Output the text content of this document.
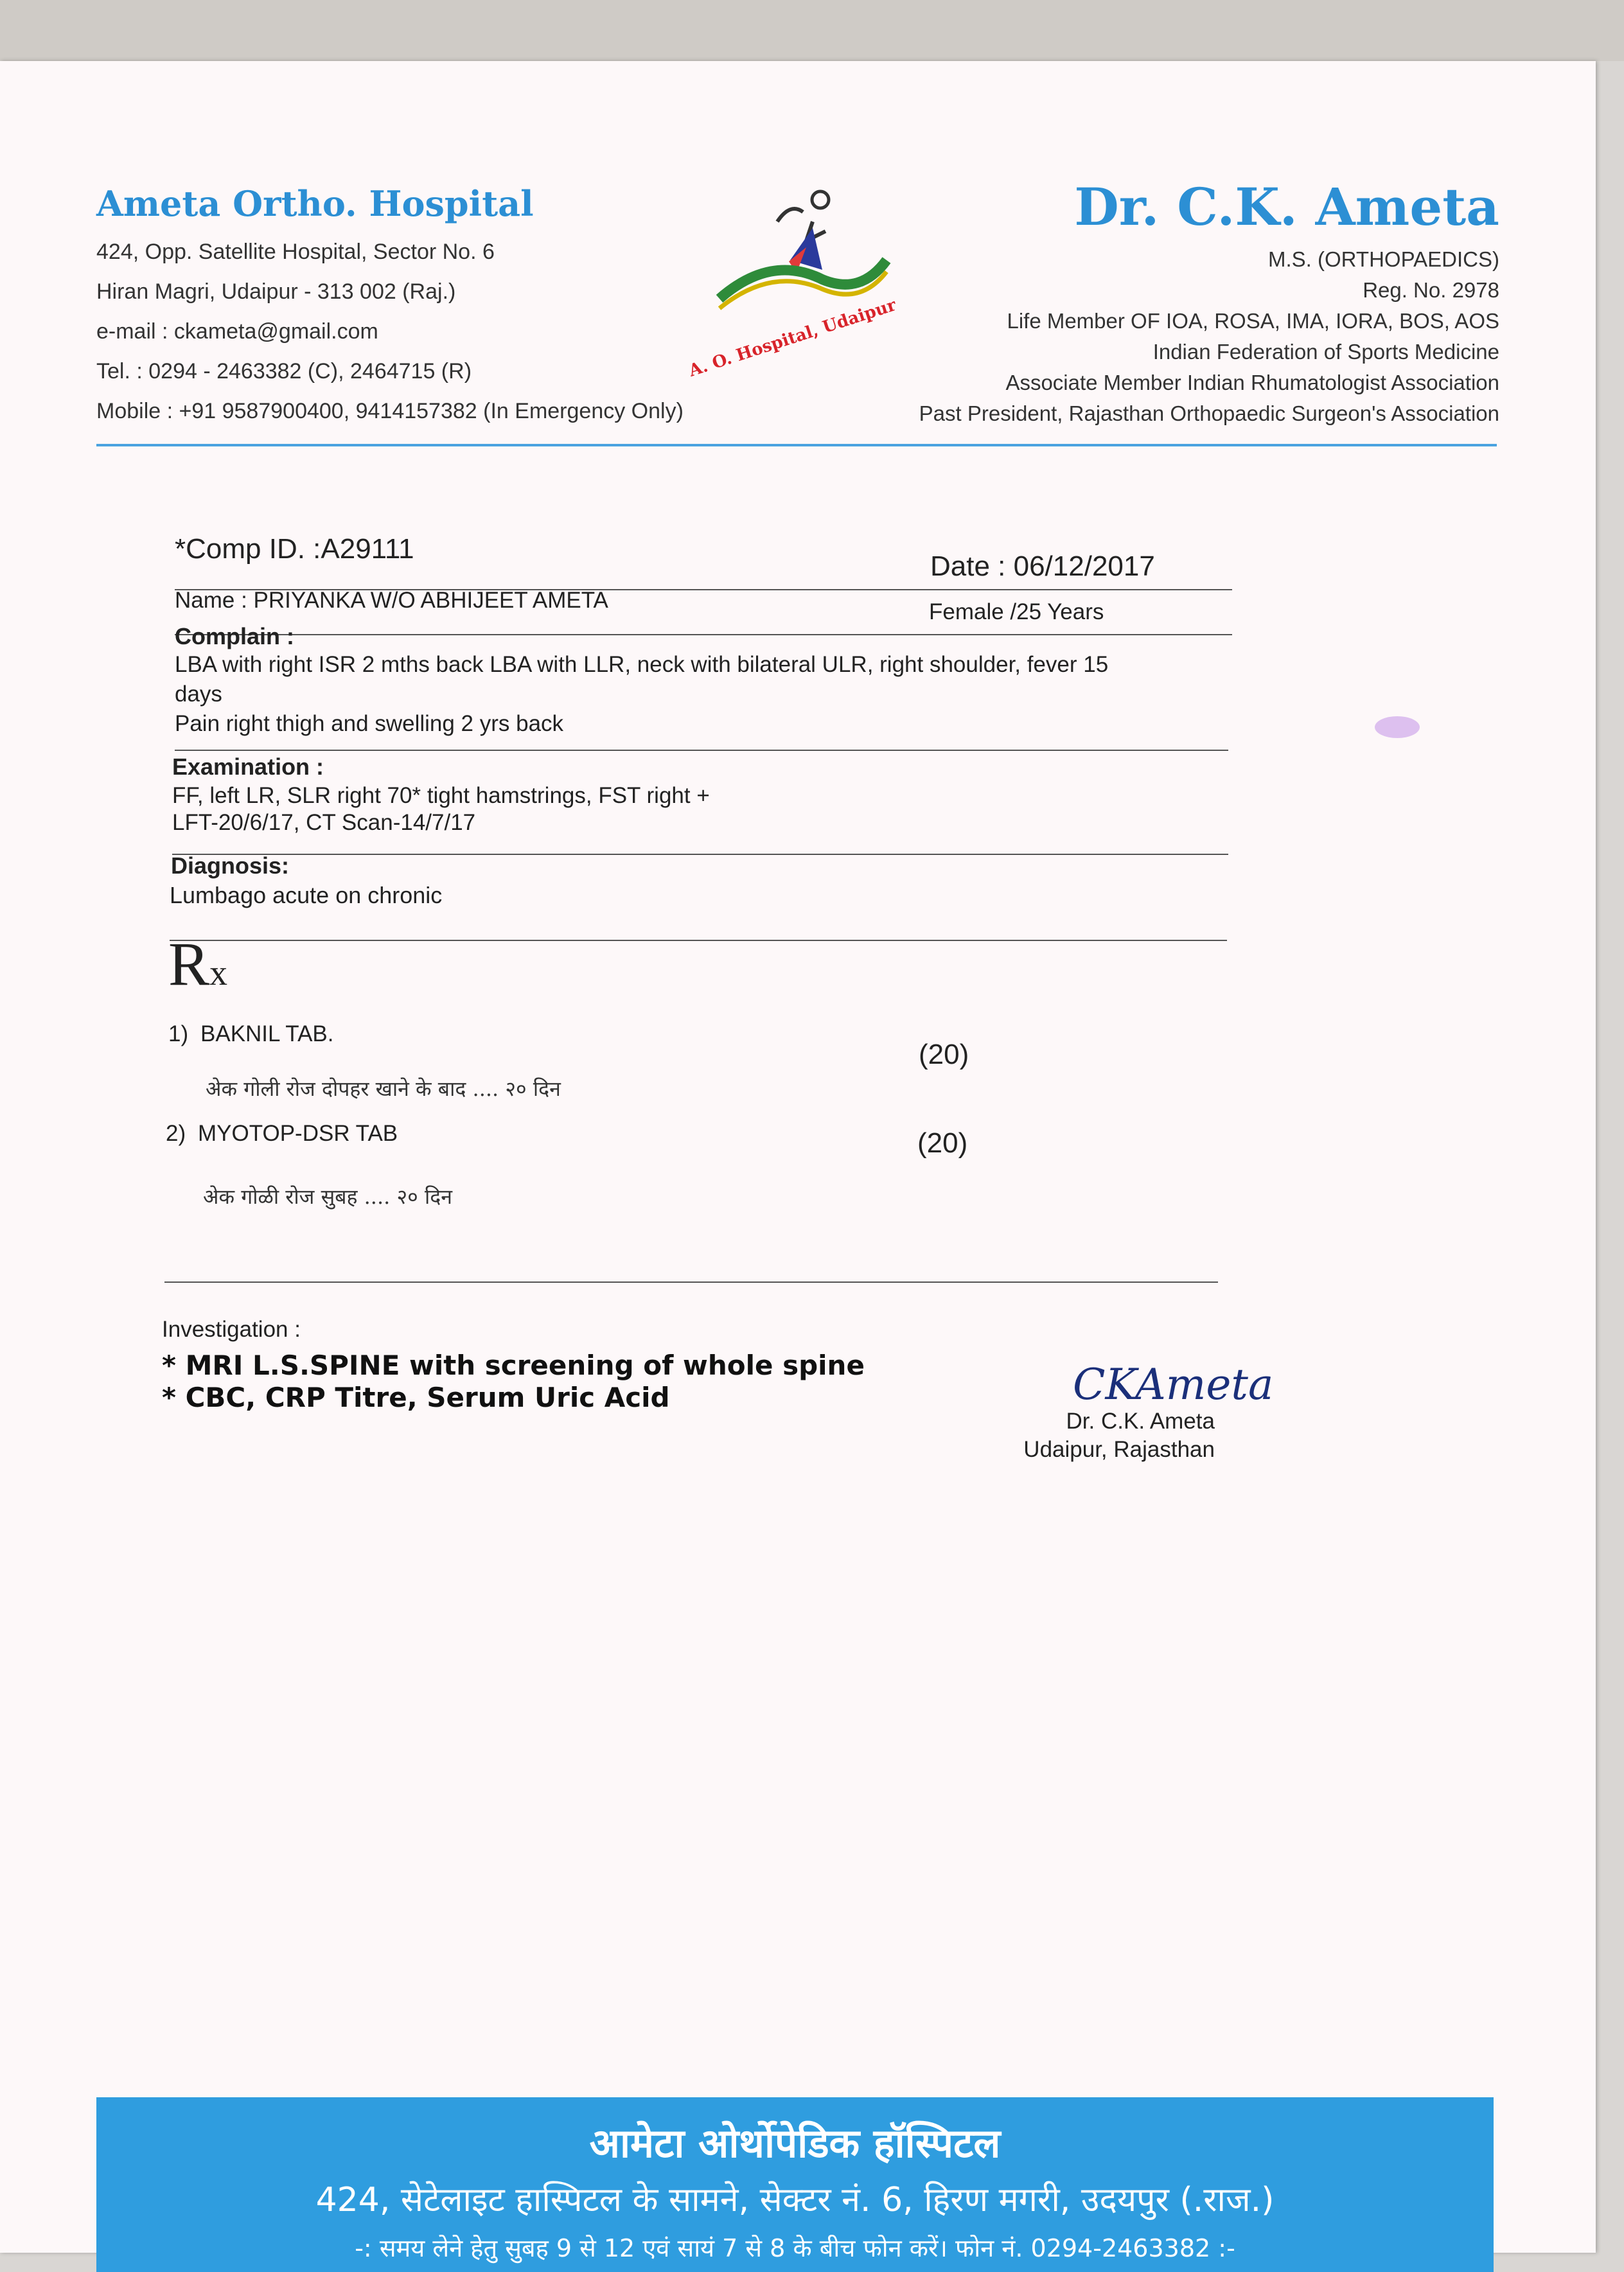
Ameta Ortho. Hospital
424, Opp. Satellite Hospital, Sector No. 6
Hiran Magri, Udaipur - 313 002 (Raj.)
e-mail : ckameta@gmail.com
Tel. : 0294 - 2463382 (C), 2464715 (R)
Mobile : +91 9587900400, 9414157382 (In Emergency Only)
A. O. Hospital, Udaipur
Dr. C.K. Ameta
M.S. (ORTHOPAEDICS)
Reg. No. 2978
Life Member OF IOA, ROSA, IMA, IORA, BOS, AOS
Indian Federation of Sports Medicine
Associate Member Indian Rhumatologist Association
Past President, Rajasthan Orthopaedic Surgeon's Association
*Comp ID. :A29111
Date : 06/12/2017
Name : PRIYANKA W/O ABHIJEET AMETA	Female /25 Years
Complain :
LBA with right ISR 2 mths back LBA with LLR, neck with bilateral ULR, right shoulder, fever 15
days
Pain right thigh and swelling 2 yrs back
Examination :
FF, left LR, SLR right 70* tight hamstrings, FST right +
LFT-20/6/17, CT Scan-14/7/17
Diagnosis:
Lumbago acute on chronic
Rx
1) BAKNIL TAB.
(20)
अेक गोली रोज दोपहर खाने के बाद .... २० दिन
2) MYOTOP-DSR TAB	(20)
अेक गोळी रोज सुबह .... २० दिन
Investigation :
* MRI L.S.SPINE with screening of whole spine
* CBC, CRP Titre, Serum Uric Acid	CKAmeta
Dr. C.K. Ameta
Udaipur, Rajasthan
आमेटा ओर्थोपेडिक हॉस्पिटल
424, सेटेलाइट हास्पिटल के सामने, सेक्टर नं. 6, हिरण मगरी, उदयपुर (.राज.)
-: समय लेने हेतु सुबह 9 से 12 एवं सायं 7 से 8 के बीच फोन करें। फोन नं. 0294-2463382 :-
